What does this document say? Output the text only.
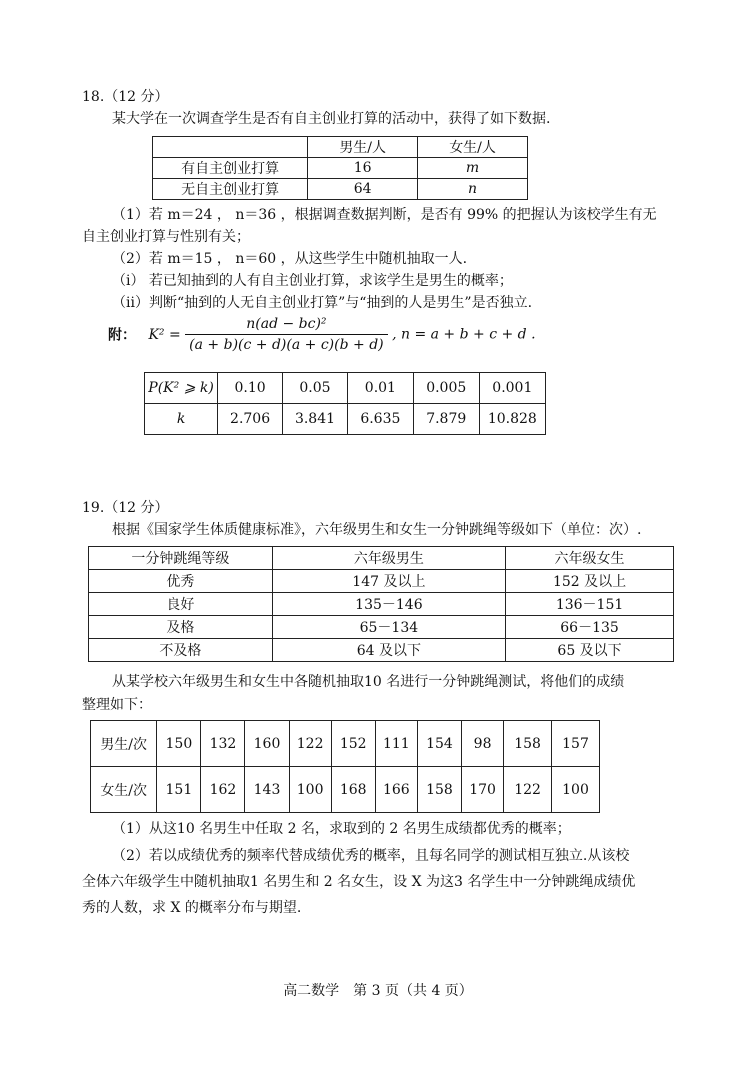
18.（12 分）
某大学在一次调查学生是否有自主创业打算的活动中，获得了如下数据.
	男生/人	女生/人
有自主创业打算	16	m
无自主创业打算	64	n
（1）若 m＝24 ， n＝36 ，根据调查数据判断，是否有 99% 的把握认为该校学生有无
自主创业打算与性别有关；
（2）若 m＝15 ， n＝60 ，从这些学生中随机抽取一人.
（i） 若已知抽到的人有自主创业打算，求该学生是男生的概率；
（ii）判断“抽到的人无自主创业打算”与“抽到的人是男生”是否独立.
附： $K^2 = \frac{\text{n(ad − bc)²}}{(a + b)(c + d)(a + c)(b + d)}$ , n = a + b + c + d .
P(K² ⩾ k)	0.10	0.05	0.01	0.005	0.001
k	2.706	3.841	6.635	7.879	10.828
19.（12 分）
根据《国家学生体质健康标准》，六年级男生和女生一分钟跳绳等级如下（单位：次）.
一分钟跳绳等级	六年级男生	六年级女生
优秀	147 及以上	152 及以上
良好	135－146	136－151
及格	65－134	66－135
不及格	64 及以下	65 及以下
从某学校六年级男生和女生中各随机抽取10 名进行一分钟跳绳测试，将他们的成绩
整理如下：
男生/次	150	132	160	122	152	111	154	98	158	157
女生/次	151	162	143	100	168	166	158	170	122	100
（1）从这10 名男生中任取 2 名，求取到的 2 名男生成绩都优秀的概率；
（2）若以成绩优秀的频率代替成绩优秀的概率，且每名同学的测试相互独立.从该校
全体六年级学生中随机抽取1 名男生和 2 名女生，设 X 为这3 名学生中一分钟跳绳成绩优
秀的人数，求 X 的概率分布与期望.
高二数学　第 3 页（共 4 页）
